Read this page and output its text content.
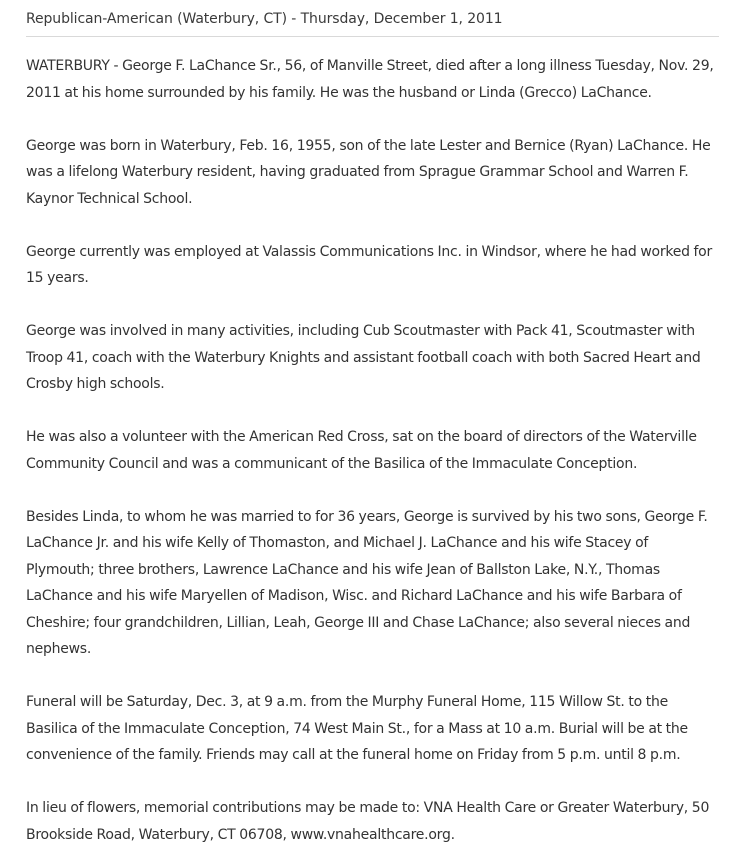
Republican-American (Waterbury, CT) - Thursday, December 1, 2011

WATERBURY - George F. LaChance Sr., 56, of Manville Street, died after a long illness Tuesday, Nov. 29, 2011 at his home surrounded by his family. He was the husband or Linda (Grecco) LaChance.

George was born in Waterbury, Feb. 16, 1955, son of the late Lester and Bernice (Ryan) LaChance. He was a lifelong Waterbury resident, having graduated from Sprague Grammar School and Warren F. Kaynor Technical School.

George currently was employed at Valassis Communications Inc. in Windsor, where he had worked for 15 years.

George was involved in many activities, including Cub Scoutmaster with Pack 41, Scoutmaster with Troop 41, coach with the Waterbury Knights and assistant football coach with both Sacred Heart and Crosby high schools.

He was also a volunteer with the American Red Cross, sat on the board of directors of the Waterville Community Council and was a communicant of the Basilica of the Immaculate Conception.

Besides Linda, to whom he was married to for 36 years, George is survived by his two sons, George F. LaChance Jr. and his wife Kelly of Thomaston, and Michael J. LaChance and his wife Stacey of Plymouth; three brothers, Lawrence LaChance and his wife Jean of Ballston Lake, N.Y., Thomas LaChance and his wife Maryellen of Madison, Wisc. and Richard LaChance and his wife Barbara of Cheshire; four grandchildren, Lillian, Leah, George III and Chase LaChance; also several nieces and nephews.

Funeral will be Saturday, Dec. 3, at 9 a.m. from the Murphy Funeral Home, 115 Willow St. to the Basilica of the Immaculate Conception, 74 West Main St., for a Mass at 10 a.m. Burial will be at the convenience of the family. Friends may call at the funeral home on Friday from 5 p.m. until 8 p.m.

In lieu of flowers, memorial contributions may be made to: VNA Health Care or Greater Waterbury, 50 Brookside Road, Waterbury, CT 06708, www.vnahealthcare.org.
